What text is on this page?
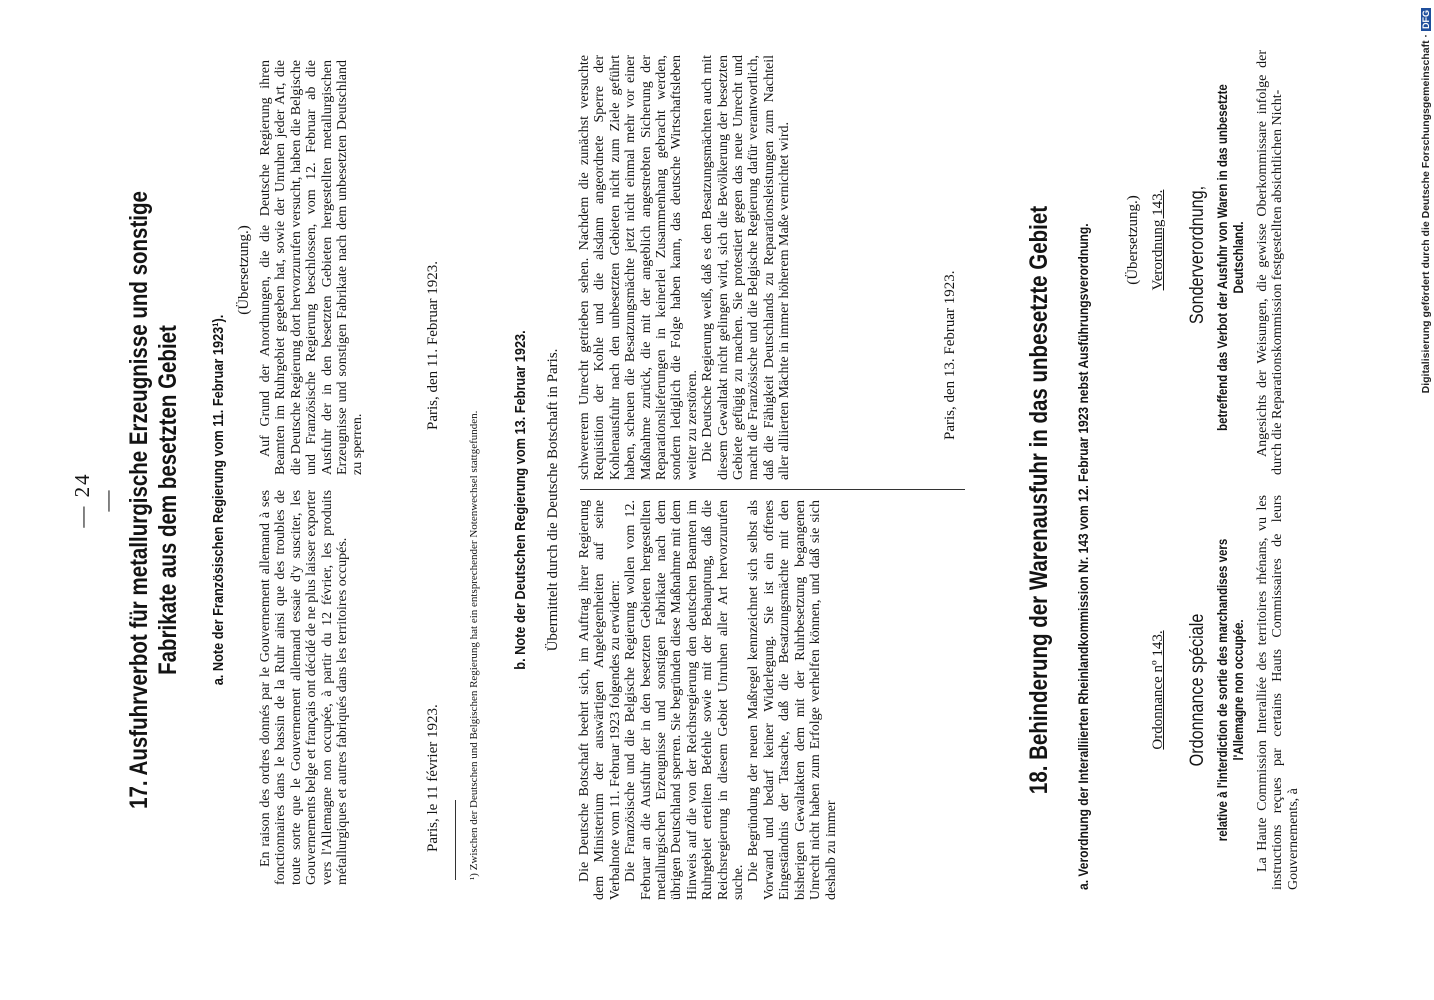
— 24 — 17. Ausfuhrverbot für metallurgische Erzeugnisse und sonstige Fabrikate aus dem besetzten Gebiet a. Note der Französischen Regierung vom 11. Februar 1923¹).
(Übersetzung.)

En raison des ordres donnés par le Gouvernement allemand à ses fonctionnaires dans le bassin de la Ruhr ainsi que des troubles de toute sorte que le Gouvernement allemand essaie d'y susciter, les Gouvernements belge et français ont décidé de ne plus laisser exporter vers l'Allemagne non occupée, à partir du 12 février, les produits métallurgiques et autres fabriqués dans les territoires occupés.	Paris, le 11 février 1923.

Auf Grund der Anordnungen, die die Deutsche Regierung ihren Beamten im Ruhrgebiet gegeben hat, sowie der Unruhen jeder Art, die die Deutsche Regierung dort hervorzurufen versucht, haben die Belgische und Französische Regierung beschlossen, vom 12. Februar ab die Ausfuhr der in den besetzten Gebieten hergestellten metallurgischen Erzeugnisse und sonstigen Fabrikate nach dem unbesetzten Deutschland zu sperren.

Paris, den 11. Februar 1923.
¹) Zwischen der Deutschen und Belgischen Regierung hat ein entsprechender Notenwechsel stattgefunden. b. Note der Deutschen Regierung vom 13. Februar 1923. Übermittelt durch die Deutsche Botschaft in Paris. Die Deutsche Botschaft beehrt sich, im Auftrag ihrer Regierung dem Ministerium der auswärtigen Angelegenheiten auf seine Verbalnote vom 11. Februar 1923 folgendes zu erwidern: Die Französische und die Belgische Regierung wollen vom 12. Februar an die Ausfuhr der in den besetzten Gebieten hergestellten metallurgischen Erzeugnisse und sonstigen Fabrikate nach dem übrigen Deutschland sperren. Sie begründen diese Maßnahme mit dem Hinweis auf die von der Reichsregierung den deutschen Beamten im Ruhrgebiet erteilten Befehle sowie mit der Behauptung, daß die Reichsregierung in diesem Gebiet Unruhen aller Art hervorzurufen suche.

Die Begründung der neuen Maßregel kennzeichnet sich selbst als Vorwand und bedarf keiner Widerlegung. Sie ist ein offenes Eingeständnis der Tatsache, daß die Besatzungsmächte mit den bisherigen Gewaltakten dem mit der Ruhrbesetzung begangenen Unrecht nicht haben zum Erfolge verhelfen können, und daß sie sich deshalb zu immer

schwererem Unrecht getrieben sehen. Nachdem die zunächst versuchte Requisition der Kohle und die alsdann angeordnete Sperre der Kohlenausfuhr nach den unbesetzten Gebieten nicht zum Ziele geführt haben, scheuen die Besatzungsmächte jetzt nicht einmal mehr vor einer Maßnahme zurück, die mit der angeblich angestrebten Sicherung der Reparationslieferungen in keinerlei Zusammenhang gebracht werden, sondern lediglich die Folge haben kann, das deutsche Wirtschaftsleben weiter zu zerstören. Die Deutsche Regierung weiß, daß es den Besatzungsmächten auch mit diesem Gewaltakt nicht gelingen wird, sich die Bevölkerung der besetzten Gebiete gefügig zu machen. Sie protestiert gegen das neue Unrecht und macht die Französische und die Belgische Regierung dafür verantwortlich, daß die Fähigkeit Deutschlands zu Reparationsleistungen zum Nachteil aller alliierten Mächte in immer höherem Maße vernichtet wird.	Paris, den 13. Februar 1923.	18. Behinderung der Warenausfuhr in das unbesetzte Gebiet a. Verordnung der Interalliierten Rheinlandkommission Nr. 143 vom 12. Februar 1923 nebst Ausführungsverordnung. (Übersetzung.)
Ordonnance nº 143.
Verordnung 143.
Ordonnance spéciale
Sonderverordnung,
relative à l'interdiction de sortie des marchandises vers l'Allemagne non occupée.
betreffend das Verbot der Ausfuhr von Waren in das unbesetzte Deutschland.

La Haute Commission Interalliée des territoires rhénans, vu les instructions reçues par certains Hauts Commissaires de leurs Gouvernements, à

Angesichts der Weisungen, die gewisse Oberkommissare infolge der durch die Reparationskommission festgestellten absichtlichen Nicht-	Digitalisierung gefördert durch die Deutsche Forschungsgemeinschaft ·
DFG
